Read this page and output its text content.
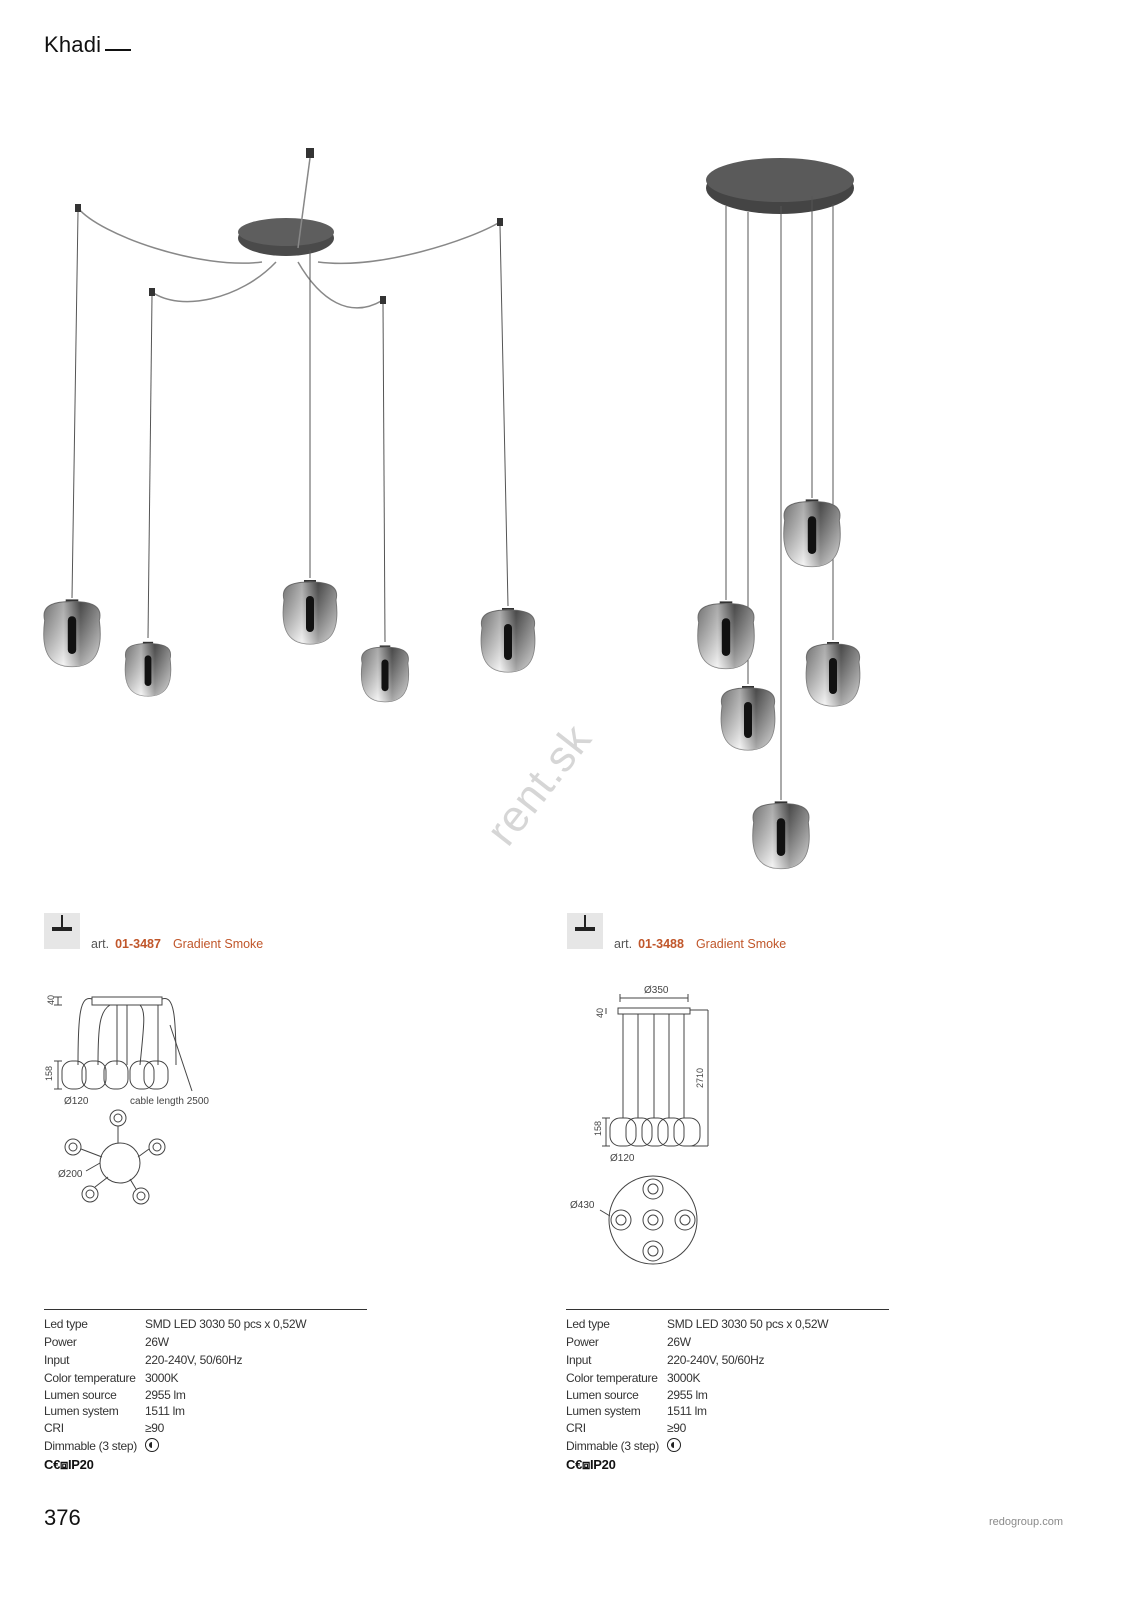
Khadi
rent.sk
art. 01-3487 Gradient Smoke	art. 01-3488 Gradient Smoke
40
158
Ø120	cable length 2500
Ø200
Ø350
40
2710
158
Ø120
Ø430
Led type	SMD LED 3030 50 pcs x 0,52W
Power	26W
Input	220-240V, 50/60Hz
Color temperature 3000K
Lumen source	2955 lm
Lumen system	1511 lm
CRI	≥90
Dimmable (3 step)
C€⧈IP20
Led type	SMD LED 3030 50 pcs x 0,52W
Power	26W
Input	220-240V, 50/60Hz
Color temperature 3000K
Lumen source	2955 lm
Lumen system	1511 lm
CRI	≥90
Dimmable (3 step)
C€⧈IP20
376	redogroup.com
